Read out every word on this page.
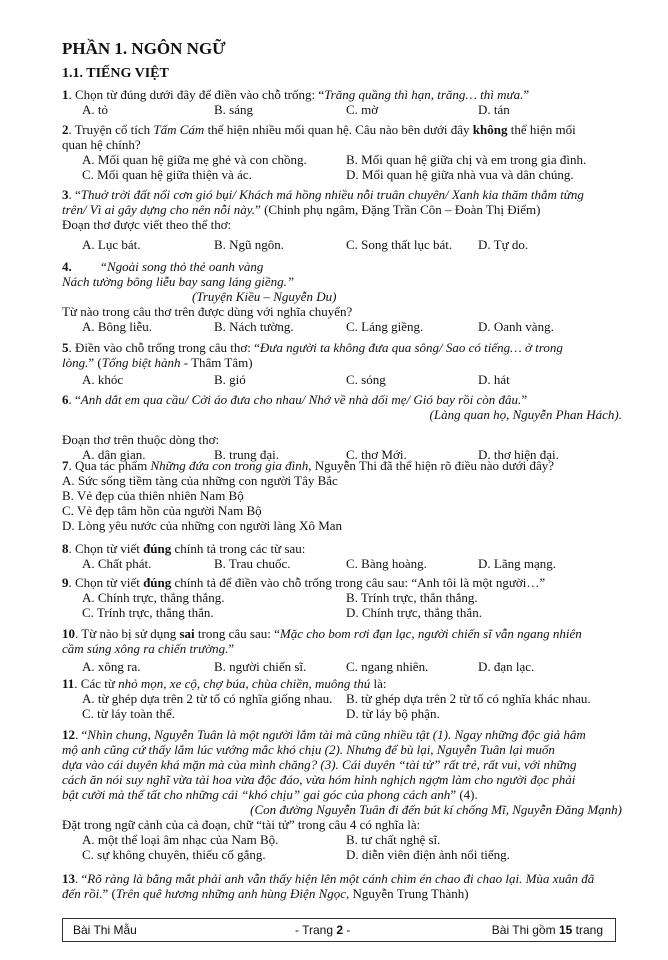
PHẦN 1. NGÔN NGỮ
1.1. TIẾNG VIỆT

1. Chọn từ đúng dưới đây để điền vào chỗ trống: “Trăng quầng thì hạn, trăng… thì mưa.”

A. tỏ	B. sáng	C. mờ	D. tán

2. Truyện cổ tích Tấm Cám thể hiện nhiều mối quan hệ. Câu nào bên dưới đây không thể hiện mối

quan hệ chính?

A. Mối quan hệ giữa mẹ ghẻ và con chồng.	B. Mối quan hệ giữa chị và em trong gia đình.
C. Mối quan hệ giữa thiện và ác.	D. Mối quan hệ giữa nhà vua và dân chúng.

3. “Thuở trời đất nổi cơn gió bụi/ Khách má hồng nhiều nỗi truân chuyên/ Xanh kia thăm thẳm từng

trên/ Vì ai gây dựng cho nên nỗi này.” (Chinh phụ ngâm, Đặng Trần Côn – Đoàn Thị Điểm)

Đoạn thơ được viết theo thể thơ:

A. Lục bát.	B. Ngũ ngôn.	C. Song thất lục bát. D. Tự do.

4. “Ngoài song thỏ thẻ oanh vàng

Nách tường bông liễu bay sang láng giềng.”

(Truyện Kiều – Nguyễn Du)

Từ nào trong câu thơ trên được dùng với nghĩa chuyển?

A. Bông liễu.	B. Nách tường.	C. Láng giềng.	D. Oanh vàng.

5. Điền vào chỗ trống trong câu thơ: “Đưa người ta không đưa qua sông/ Sao có tiếng… ở trong

lòng.” (Tống biệt hành - Thâm Tâm)

A. khóc	B. gió	C. sóng	D. hát

6. “Anh dắt em qua cầu/ Cởi áo đưa cho nhau/ Nhớ về nhà dối mẹ/ Gió bay rồi còn đâu.”

(Làng quan họ, Nguyễn Phan Hách).

Đoạn thơ trên thuộc dòng thơ:

A. dân gian.	B. trung đại.	C. thơ Mới.	D. thơ hiện đại.

7. Qua tác phẩm Những đứa con trong gia đình, Nguyễn Thi đã thể hiện rõ điều nào dưới đây?

A. Sức sống tiềm tàng của những con người Tây Bắc

B. Vẻ đẹp của thiên nhiên Nam Bộ

C. Vẻ đẹp tâm hồn của người Nam Bộ

D. Lòng yêu nước của những con người làng Xô Man

8. Chọn từ viết đúng chính tả trong các từ sau:

A. Chất phát.	B. Trau chuốc.	C. Bàng hoàng.	D. Lãng mạng.

9. Chọn từ viết đúng chính tả để điền vào chỗ trống trong câu sau: “Anh tôi là một người…”

A. Chính trực, thẳng thắng.	B. Trính trực, thẳn thắng.
C. Trính trực, thẳng thắn.	D. Chính trực, thẳng thắn.

10. Từ nào bị sử dụng sai trong câu sau: “Mặc cho bom rơi đạn lạc, người chiến sĩ vẫn ngang nhiên

cầm súng xông ra chiến trường.”

A. xông ra.	B. người chiến sĩ.	C. ngang nhiên.	D. đạn lạc.

11. Các từ nhỏ mọn, xe cộ, chợ búa, chùa chiền, muông thú là:

A. từ ghép dựa trên 2 từ tố có nghĩa giống nhau. B. từ ghép dựa trên 2 từ tố có nghĩa khác nhau.
C. từ láy toàn thể.	D. từ láy bộ phận.

12. “Nhìn chung, Nguyễn Tuân là một người lắm tài mà cũng nhiều tật (1). Ngay những độc giả hâm

mộ anh cũng cứ thấy lắm lúc vướng mắc khó chịu (2). Nhưng để bù lại, Nguyễn Tuân lại muốn

dựa vào cái duyên khá mặn mà của mình chăng? (3). Cái duyên “tài tử” rất trẻ, rất vui, với những

cách ăn nói suy nghĩ vừa tài hoa vừa độc đáo, vừa hóm hỉnh nghịch ngợm làm cho người đọc phải

bật cười mà thể tất cho những cái “khó chịu” gai góc của phong cách anh” (4).

(Con đường Nguyễn Tuân đi đến bút kí chống Mĩ, Nguyễn Đăng Mạnh)

Đặt trong ngữ cảnh của cả đoạn, chữ “tài tử” trong câu 4 có nghĩa là:

A. một thể loại âm nhạc của Nam Bộ.	B. tư chất nghệ sĩ.
C. sự không chuyên, thiếu cố gắng.	D. diễn viên điện ảnh nổi tiếng.

13. “Rõ ràng là bằng mắt phải anh vẫn thấy hiện lên một cánh chim én chao đi chao lại. Mùa xuân đã

đến rồi.” (Trên quê hương những anh hùng Điện Ngọc, Nguyễn Trung Thành)

Bài Thi Mẫu	- Trang 2 -	Bài Thi gồm 15 trang
